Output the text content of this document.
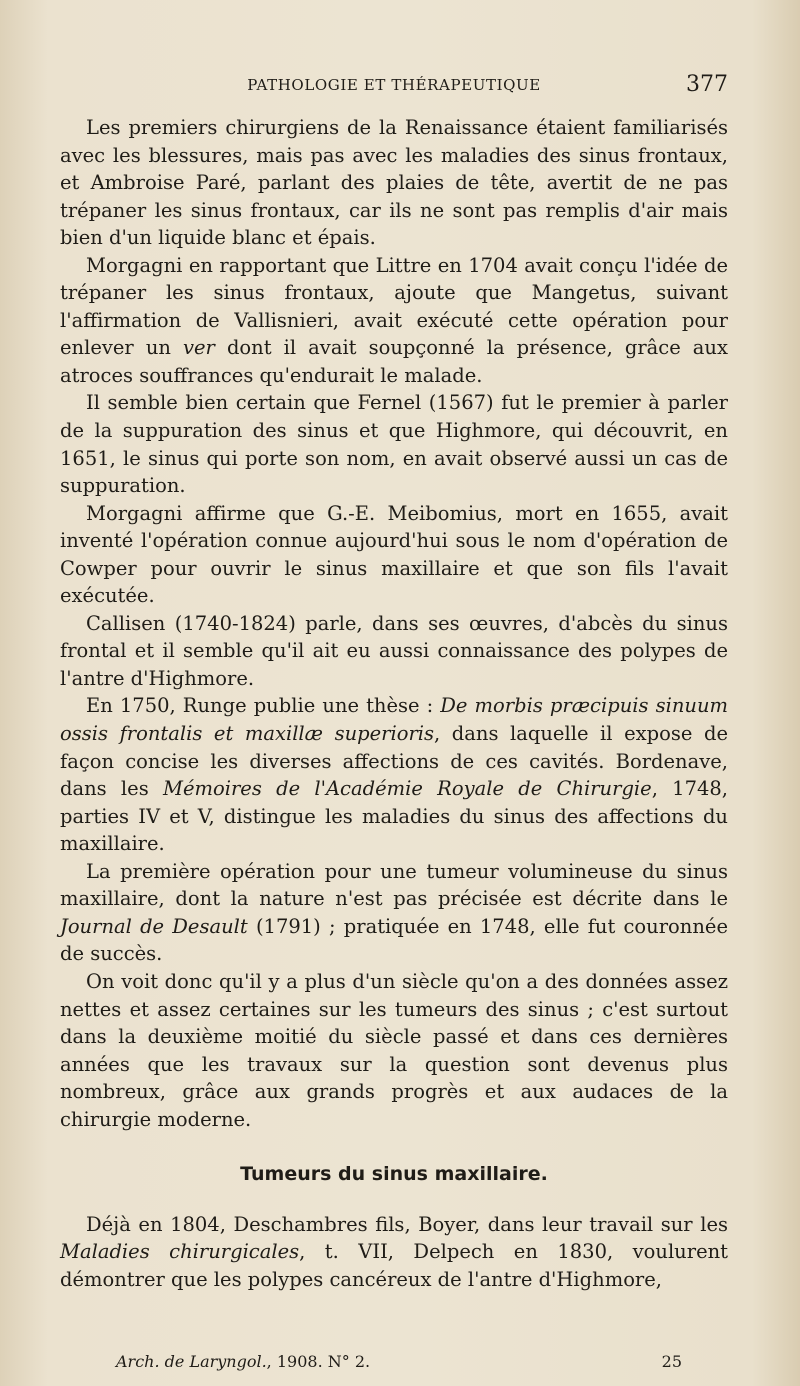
PATHOLOGIE ET THÉRAPEUTIQUE	377

Les premiers chirurgiens de la Renaissance étaient familiarisés avec les blessures, mais pas avec les maladies des sinus frontaux, et Ambroise Paré, parlant des plaies de tête, avertit de ne pas trépaner les sinus frontaux, car ils ne sont pas remplis d'air mais bien d'un liquide blanc et épais.

Morgagni en rapportant que Littre en 1704 avait conçu l'idée de trépaner les sinus frontaux, ajoute que Mangetus, suivant l'affirmation de Vallisnieri, avait exécuté cette opération pour enlever un ver dont il avait soupçonné la présence, grâce aux atroces souffrances qu'endurait le malade.

Il semble bien certain que Fernel (1567) fut le premier à parler de la suppuration des sinus et que Highmore, qui découvrit, en 1651, le sinus qui porte son nom, en avait observé aussi un cas de suppuration.

Morgagni affirme que G.-E. Meibomius, mort en 1655, avait inventé l'opération connue aujourd'hui sous le nom d'opération de Cowper pour ouvrir le sinus maxillaire et que son fils l'avait exécutée.

Callisen (1740-1824) parle, dans ses œuvres, d'abcès du sinus frontal et il semble qu'il ait eu aussi connaissance des polypes de l'antre d'Highmore.

En 1750, Runge publie une thèse : De morbis præcipuis sinuum ossis frontalis et maxillæ superioris, dans laquelle il expose de façon concise les diverses affections de ces cavités. Bordenave, dans les Mémoires de l'Académie Royale de Chirurgie, 1748, parties IV et V, distingue les maladies du sinus des affections du maxillaire.

La première opération pour une tumeur volumineuse du sinus maxillaire, dont la nature n'est pas précisée est décrite dans le Journal de Desault (1791) ; pratiquée en 1748, elle fut couronnée de succès.

On voit donc qu'il y a plus d'un siècle qu'on a des données assez nettes et assez certaines sur les tumeurs des sinus ; c'est surtout dans la deuxième moitié du siècle passé et dans ces dernières années que les travaux sur la question sont devenus plus nombreux, grâce aux grands progrès et aux audaces de la chirurgie moderne.

Tumeurs du sinus maxillaire.

Déjà en 1804, Deschambres fils, Boyer, dans leur travail sur les Maladies chirurgicales, t. VII, Delpech en 1830, voulurent démontrer que les polypes cancéreux de l'antre d'Highmore,

Arch. de Laryngol., 1908. N° 2.	25
